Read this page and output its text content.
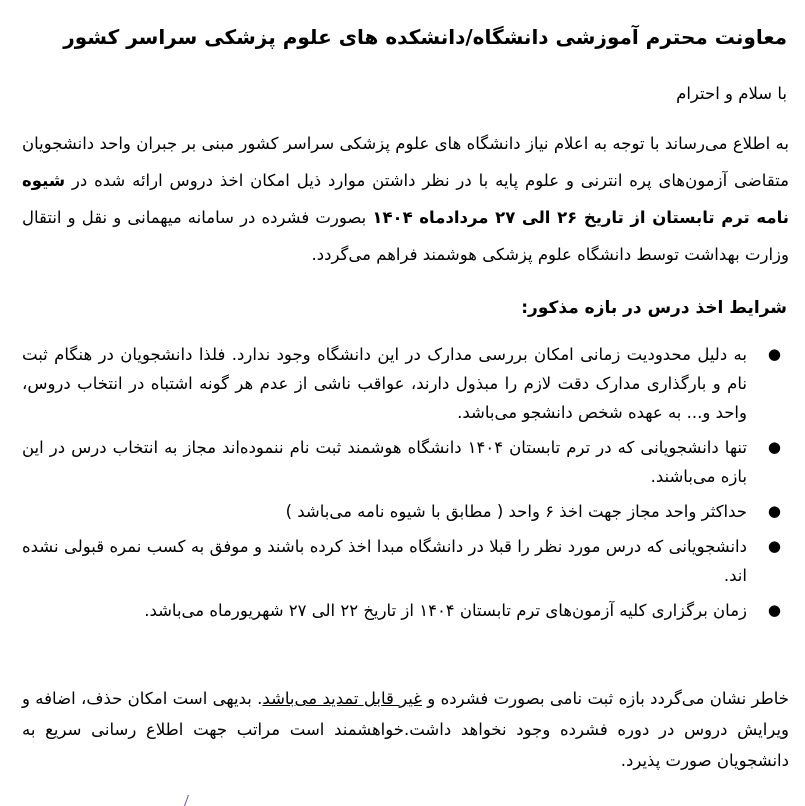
معاونت محترم آموزشی دانشگاه/دانشکده های علوم پزشکی سراسر کشور
با سلام و احترام
به اطلاع می‌رساند با توجه به اعلام نیاز دانشگاه های علوم پزشکی سراسر کشور مبنی بر جبران واحد دانشجویان متقاضی آزمون‌های پره انترنی و علوم پایه با در نظر داشتن موارد ذیل امکان اخذ دروس ارائه شده در شیوه نامه ترم تابستان از تاریخ ۲۶ الی ۲۷ مردادماه ۱۴۰۴ بصورت فشرده در سامانه میهمانی و نقل و انتقال وزارت بهداشت توسط دانشگاه علوم پزشکی هوشمند فراهم می‌گردد.
شرایط اخذ درس در بازه مذکور:
●
به دلیل محدودیت زمانی امکان بررسی مدارک در این دانشگاه وجود ندارد. فلذا دانشجویان در هنگام ثبت نام و بارگذاری مدارک دقت لازم را مبذول دارند، عواقب ناشی از عدم هر گونه اشتباه در انتخاب دروس، واحد و... به عهده شخص دانشجو می‌باشد.
●
تنها دانشجویانی که در ترم تابستان ۱۴۰۴ دانشگاه هوشمند ثبت نام ننموده‌اند مجاز به انتخاب درس در این بازه می‌باشند.
●
حداکثر واحد مجاز جهت اخذ ۶ واحد ( مطابق با شیوه نامه می‌باشد )
●
دانشجویانی که درس مورد نظر را قبلا در دانشگاه مبدا اخذ کرده باشند و موفق به کسب نمره قبولی نشده اند.
●
زمان برگزاری کلیه آزمون‌های ترم تابستان ۱۴۰۴ از تاریخ ۲۲ الی ۲۷ شهریورماه می‌باشد.
خاطر نشان می‌گردد بازه ثبت نامی بصورت فشرده و غیر قابل تمدید می‌باشد. بدیهی است امکان حذف، اضافه و ویرایش دروس در دوره فشرده وجود نخواهد داشت.خواهشمند است مراتب جهت اطلاع رسانی سریع به دانشجویان صورت پذیرد.
